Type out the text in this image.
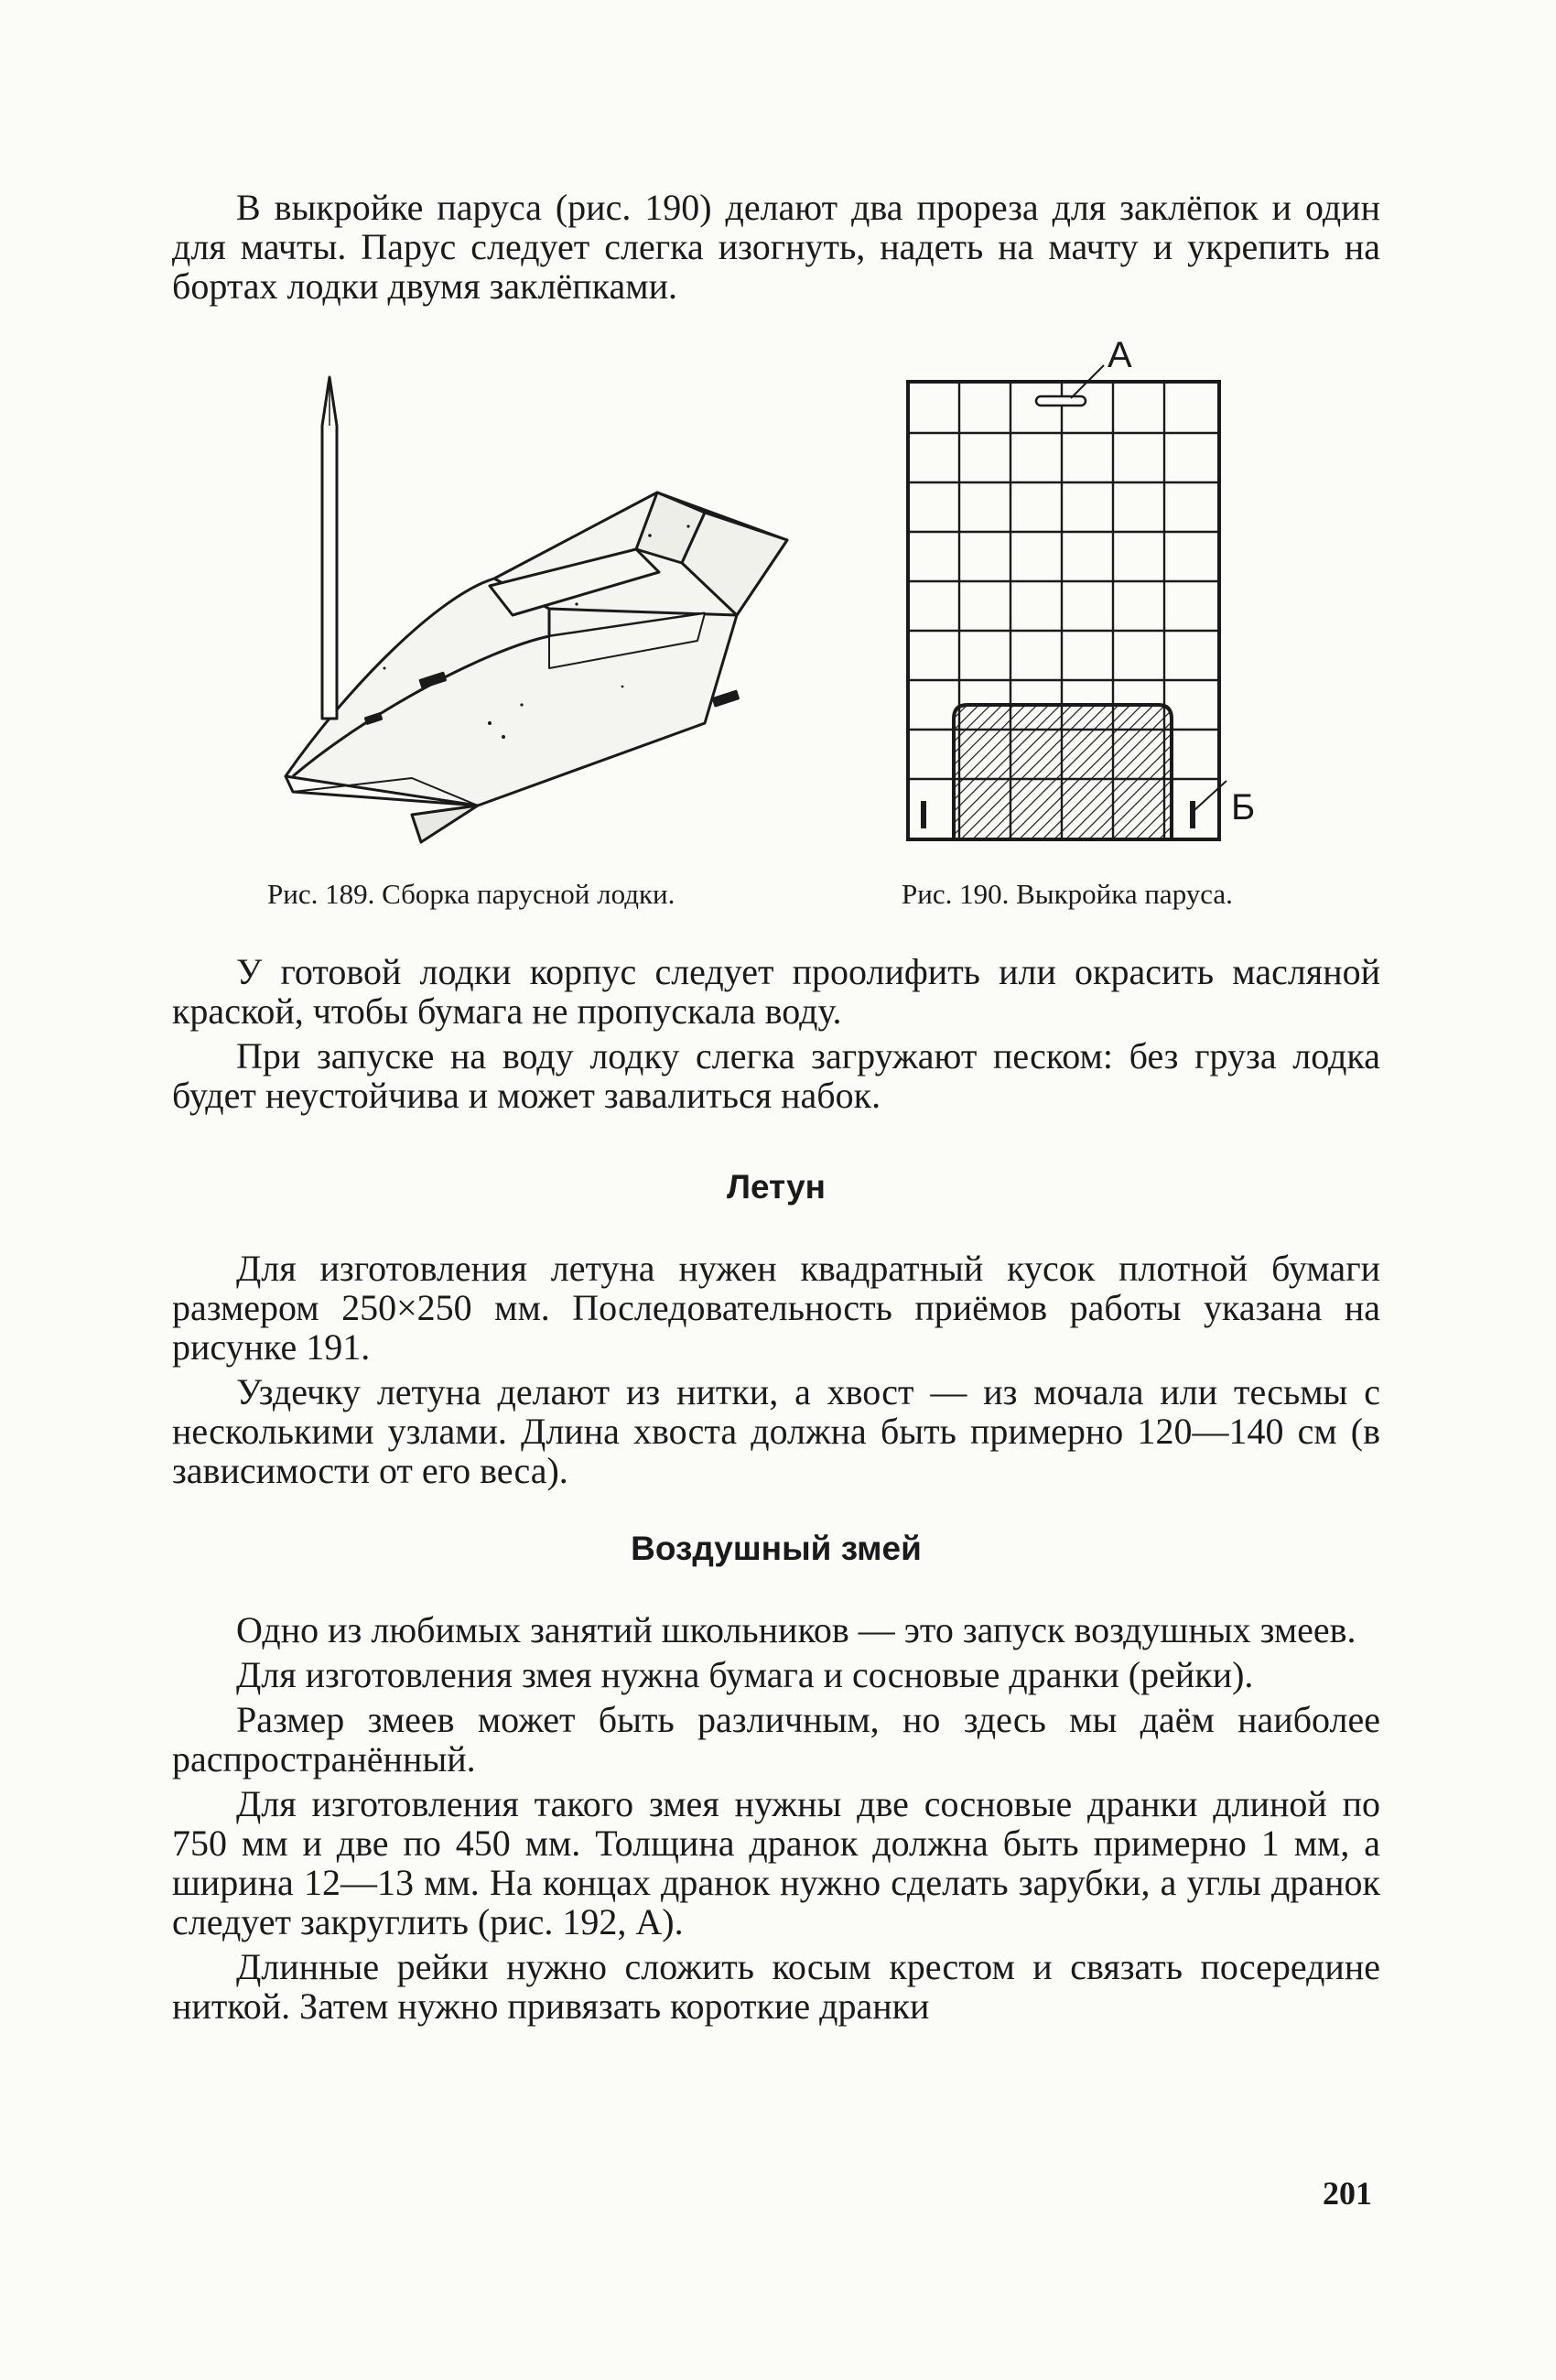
В выкройке паруса (рис. 190) делают два прореза для заклёпок и один для мачты. Парус следует слегка изогнуть, надеть на мачту и укрепить на бортах лодки двумя заклёпками.

Рис. 189. Сборка парусной лодки.
А
Б
Рис. 190. Выкройка паруса.

У готовой лодки корпус следует проолифить или окрасить масляной краской, чтобы бумага не пропускала воду.

При запуске на воду лодку слегка загружают песком: без груза лодка будет неустойчива и может завалиться набок.

Летун

Для изготовления летуна нужен квадратный кусок плотной бумаги размером 250×250 мм. Последовательность приёмов работы указана на рисунке 191.

Уздечку летуна делают из нитки, а хвост — из мочала или тесьмы с несколькими узлами. Длина хвоста должна быть примерно 120—140 см (в зависимости от его веса).

Воздушный змей

Одно из любимых занятий школьников — это запуск воздушных змеев.

Для изготовления змея нужна бумага и сосновые дранки (рейки).

Размер змеев может быть различным, но здесь мы даём наиболее распространённый.

Для изготовления такого змея нужны две сосновые дранки длиной по 750 мм и две по 450 мм. Толщина дранок должна быть примерно 1 мм, а ширина 12—13 мм. На концах дранок нужно сделать зарубки, а углы дранок следует закруглить (рис. 192, А).

Длинные рейки нужно сложить косым крестом и связать посередине ниткой. Затем нужно привязать короткие дранки

201
